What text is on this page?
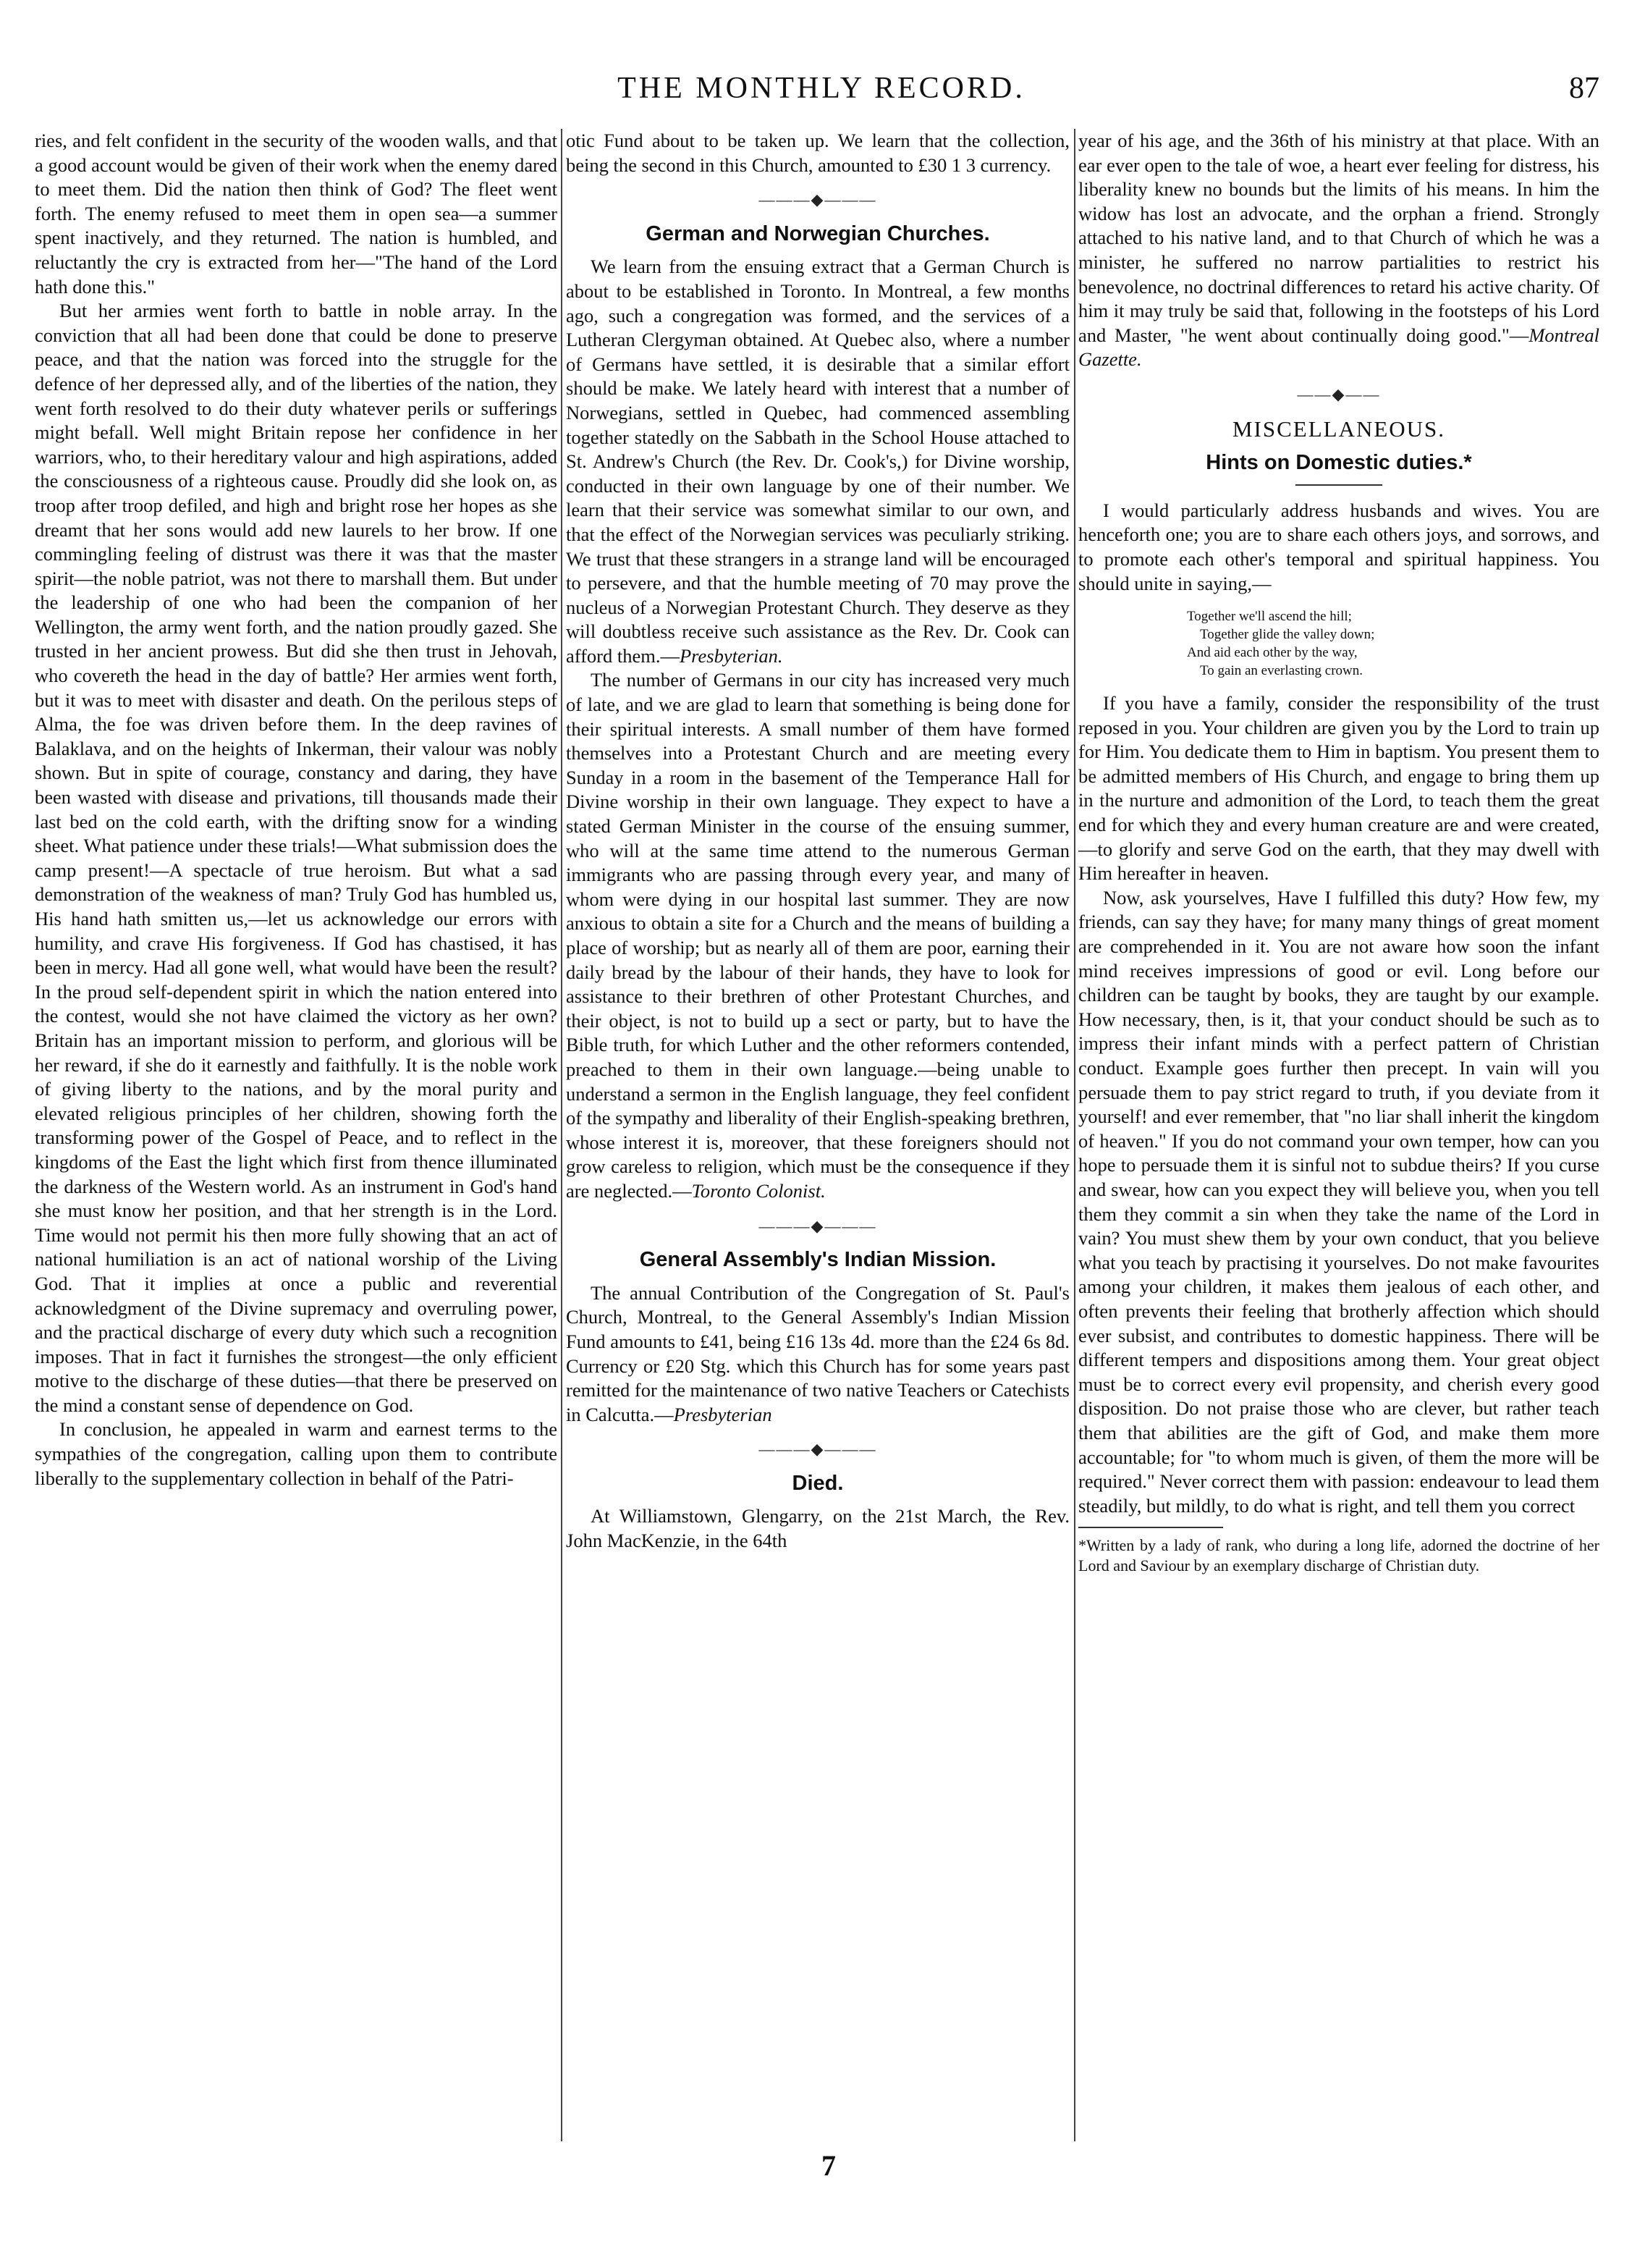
THE MONTHLY RECORD.	87

ries, and felt confident in the security of the wooden walls, and that a good account would be given of their work when the enemy dared to meet them. Did the nation then think of God? The fleet went forth. The enemy refused to meet them in open sea—a summer spent inactively, and they returned. The nation is humbled, and reluctantly the cry is extracted from her—"The hand of the Lord hath done this."

But her armies went forth to battle in noble array. In the conviction that all had been done that could be done to preserve peace, and that the nation was forced into the struggle for the defence of her depressed ally, and of the liberties of the nation, they went forth resolved to do their duty whatever perils or sufferings might befall. Well might Britain repose her confidence in her warriors, who, to their hereditary valour and high aspirations, added the consciousness of a righteous cause. Proudly did she look on, as troop after troop defiled, and high and bright rose her hopes as she dreamt that her sons would add new laurels to her brow. If one commingling feeling of distrust was there it was that the master spirit—the noble patriot, was not there to marshall them. But under the leadership of one who had been the companion of her Wellington, the army went forth, and the nation proudly gazed. She trusted in her ancient prowess. But did she then trust in Jehovah, who covereth the head in the day of battle? Her armies went forth, but it was to meet with disaster and death. On the perilous steps of Alma, the foe was driven before them. In the deep ravines of Balaklava, and on the heights of Inkerman, their valour was nobly shown. But in spite of courage, constancy and daring, they have been wasted with disease and privations, till thousands made their last bed on the cold earth, with the drifting snow for a winding sheet. What patience under these trials!—What submission does the camp present!—A spectacle of true heroism. But what a sad demonstration of the weakness of man? Truly God has humbled us, His hand hath smitten us,—let us acknowledge our errors with humility, and crave His forgiveness. If God has chastised, it has been in mercy. Had all gone well, what would have been the result? In the proud self-dependent spirit in which the nation entered into the contest, would she not have claimed the victory as her own? Britain has an important mission to perform, and glorious will be her reward, if she do it earnestly and faithfully. It is the noble work of giving liberty to the nations, and by the moral purity and elevated religious principles of her children, showing forth the transforming power of the Gospel of Peace, and to reflect in the kingdoms of the East the light which first from thence illuminated the darkness of the Western world. As an instrument in God's hand she must know her position, and that her strength is in the Lord. Time would not permit his then more fully showing that an act of national humiliation is an act of national worship of the Living God. That it implies at once a public and reverential acknowledgment of the Divine supremacy and overruling power, and the practical discharge of every duty which such a recognition imposes. That in fact it furnishes the strongest—the only efficient motive to the discharge of these duties—that there be preserved on the mind a constant sense of dependence on God.

In conclusion, he appealed in warm and earnest terms to the sympathies of the congregation, calling upon them to contribute liberally to the supplementary collection in behalf of the Patri-

otic Fund about to be taken up. We learn that the collection, being the second in this Church, amounted to £30 1 3 currency.

———◆———
German and Norwegian Churches.

We learn from the ensuing extract that a German Church is about to be established in Toronto. In Montreal, a few months ago, such a congregation was formed, and the services of a Lutheran Clergyman obtained. At Quebec also, where a number of Germans have settled, it is desirable that a similar effort should be make. We lately heard with interest that a number of Norwegians, settled in Quebec, had commenced assembling together statedly on the Sabbath in the School House attached to St. Andrew's Church (the Rev. Dr. Cook's,) for Divine worship, conducted in their own language by one of their number. We learn that their service was somewhat similar to our own, and that the effect of the Norwegian services was peculiarly striking. We trust that these strangers in a strange land will be encouraged to persevere, and that the humble meeting of 70 may prove the nucleus of a Norwegian Protestant Church. They deserve as they will doubtless receive such assistance as the Rev. Dr. Cook can afford them.—Presbyterian.

The number of Germans in our city has increased very much of late, and we are glad to learn that something is being done for their spiritual interests. A small number of them have formed themselves into a Protestant Church and are meeting every Sunday in a room in the basement of the Temperance Hall for Divine worship in their own language. They expect to have a stated German Minister in the course of the ensuing summer, who will at the same time attend to the numerous German immigrants who are passing through every year, and many of whom were dying in our hospital last summer. They are now anxious to obtain a site for a Church and the means of building a place of worship; but as nearly all of them are poor, earning their daily bread by the labour of their hands, they have to look for assistance to their brethren of other Protestant Churches, and their object, is not to build up a sect or party, but to have the Bible truth, for which Luther and the other reformers contended, preached to them in their own language.—being unable to understand a sermon in the English language, they feel confident of the sympathy and liberality of their English-speaking brethren, whose interest it is, moreover, that these foreigners should not grow careless to religion, which must be the consequence if they are neglected.—Toronto Colonist.

———◆———
General Assembly's Indian Mission.

The annual Contribution of the Congregation of St. Paul's Church, Montreal, to the General Assembly's Indian Mission Fund amounts to £41, being £16 13s 4d. more than the £24 6s 8d. Currency or £20 Stg. which this Church has for some years past remitted for the maintenance of two native Teachers or Catechists in Calcutta.—Presbyterian

———◆———
Died.

At Williamstown, Glengarry, on the 21st March, the Rev. John MacKenzie, in the 64th

year of his age, and the 36th of his ministry at that place. With an ear ever open to the tale of woe, a heart ever feeling for distress, his liberality knew no bounds but the limits of his means. In him the widow has lost an advocate, and the orphan a friend. Strongly attached to his native land, and to that Church of which he was a minister, he suffered no narrow partialities to restrict his benevolence, no doctrinal differences to retard his active charity. Of him it may truly be said that, following in the footsteps of his Lord and Master, "he went about continually doing good."—Montreal Gazette.

——◆——
MISCELLANEOUS.
Hints on Domestic duties.*

I would particularly address husbands and wives. You are henceforth one; you are to share each others joys, and sorrows, and to promote each other's temporal and spiritual happiness. You should unite in saying,—

Together we'll ascend the hill;
Together glide the valley down;
And aid each other by the way,
To gain an everlasting crown.

If you have a family, consider the responsibility of the trust reposed in you. Your children are given you by the Lord to train up for Him. You dedicate them to Him in baptism. You present them to be admitted members of His Church, and engage to bring them up in the nurture and admonition of the Lord, to teach them the great end for which they and every human creature are and were created,—to glorify and serve God on the earth, that they may dwell with Him hereafter in heaven.

Now, ask yourselves, Have I fulfilled this duty? How few, my friends, can say they have; for many many things of great moment are comprehended in it. You are not aware how soon the infant mind receives impressions of good or evil. Long before our children can be taught by books, they are taught by our example. How necessary, then, is it, that your conduct should be such as to impress their infant minds with a perfect pattern of Christian conduct. Example goes further then precept. In vain will you persuade them to pay strict regard to truth, if you deviate from it yourself! and ever remember, that "no liar shall inherit the kingdom of heaven." If you do not command your own temper, how can you hope to persuade them it is sinful not to subdue theirs? If you curse and swear, how can you expect they will believe you, when you tell them they commit a sin when they take the name of the Lord in vain? You must shew them by your own conduct, that you believe what you teach by practising it yourselves. Do not make favourites among your children, it makes them jealous of each other, and often prevents their feeling that brotherly affection which should ever subsist, and contributes to domestic happiness. There will be different tempers and dispositions among them. Your great object must be to correct every evil propensity, and cherish every good disposition. Do not praise those who are clever, but rather teach them that abilities are the gift of God, and make them more accountable; for "to whom much is given, of them the more will be required." Never correct them with passion: endeavour to lead them steadily, but mildly, to do what is right, and tell them you correct

*Written by a lady of rank, who during a long life, adorned the doctrine of her Lord and Saviour by an exemplary discharge of Christian duty.

7
